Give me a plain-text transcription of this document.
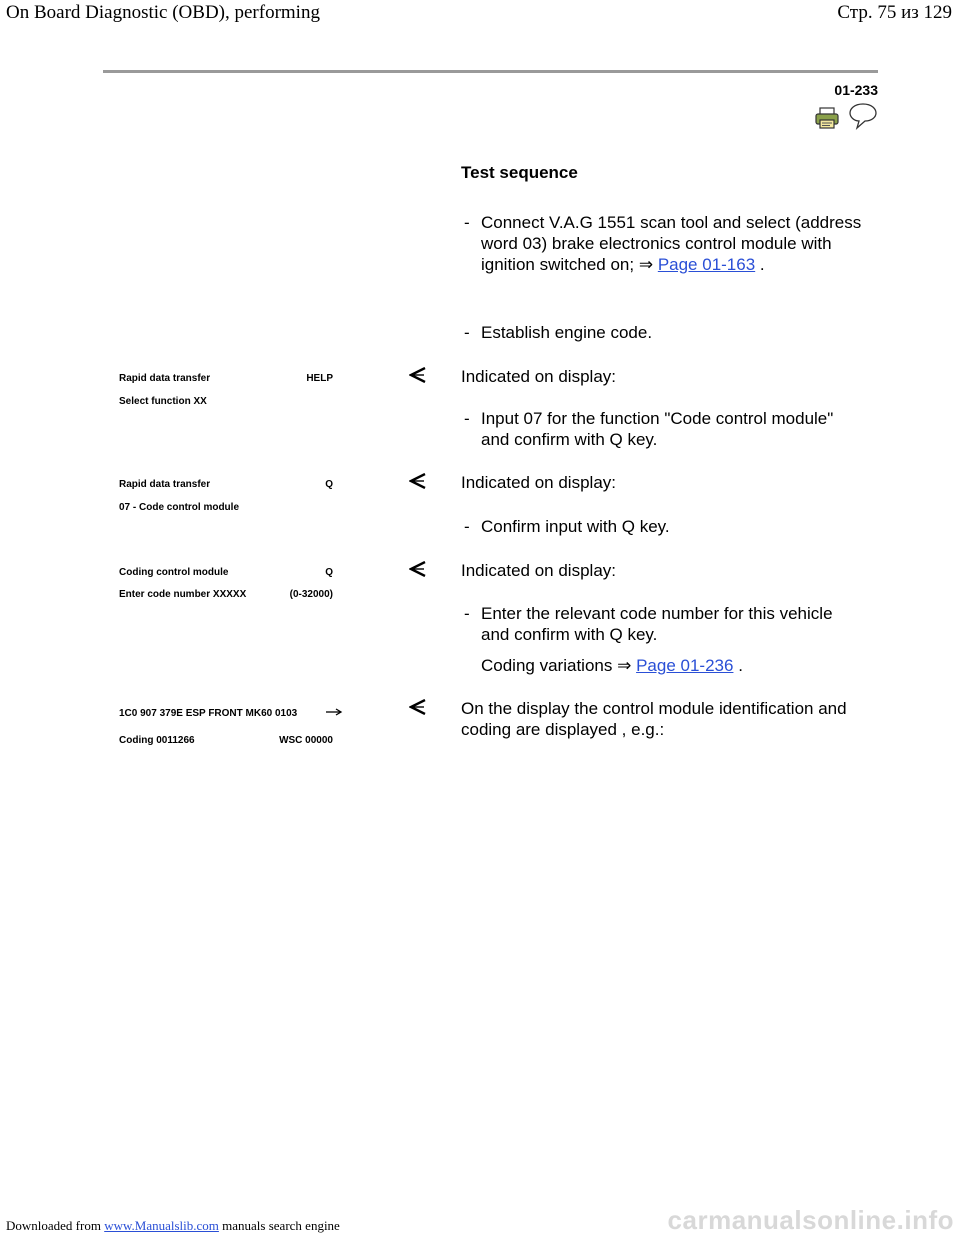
On Board Diagnostic (OBD), performing	Стр. 75 из 129
01-233
Test sequence
- Connect V.A.G 1551 scan tool and select (address word 03) brake electronics control module with ignition switched on; ⇒ Page 01-163 .
- Establish engine code.
Rapid data transfer	HELP
Select function XX
Indicated on display:
- Input 07 for the function "Code control module" and confirm with Q key.
Rapid data transfer	Q
07 - Code control module
Indicated on display:
- Confirm input with Q key.
Coding control module	Q
Enter code number XXXXX	(0-32000)
Indicated on display:
- Enter the relevant code number for this vehicle and confirm with Q key.
Coding variations ⇒ Page 01-236 .
1C0 907 379E ESP FRONT MK60 0103
Coding 0011266	WSC 00000
On the display the control module identification and coding are displayed , e.g.:
Downloaded from www.Manualslib.com manuals search engine	carmanualsonline.info
